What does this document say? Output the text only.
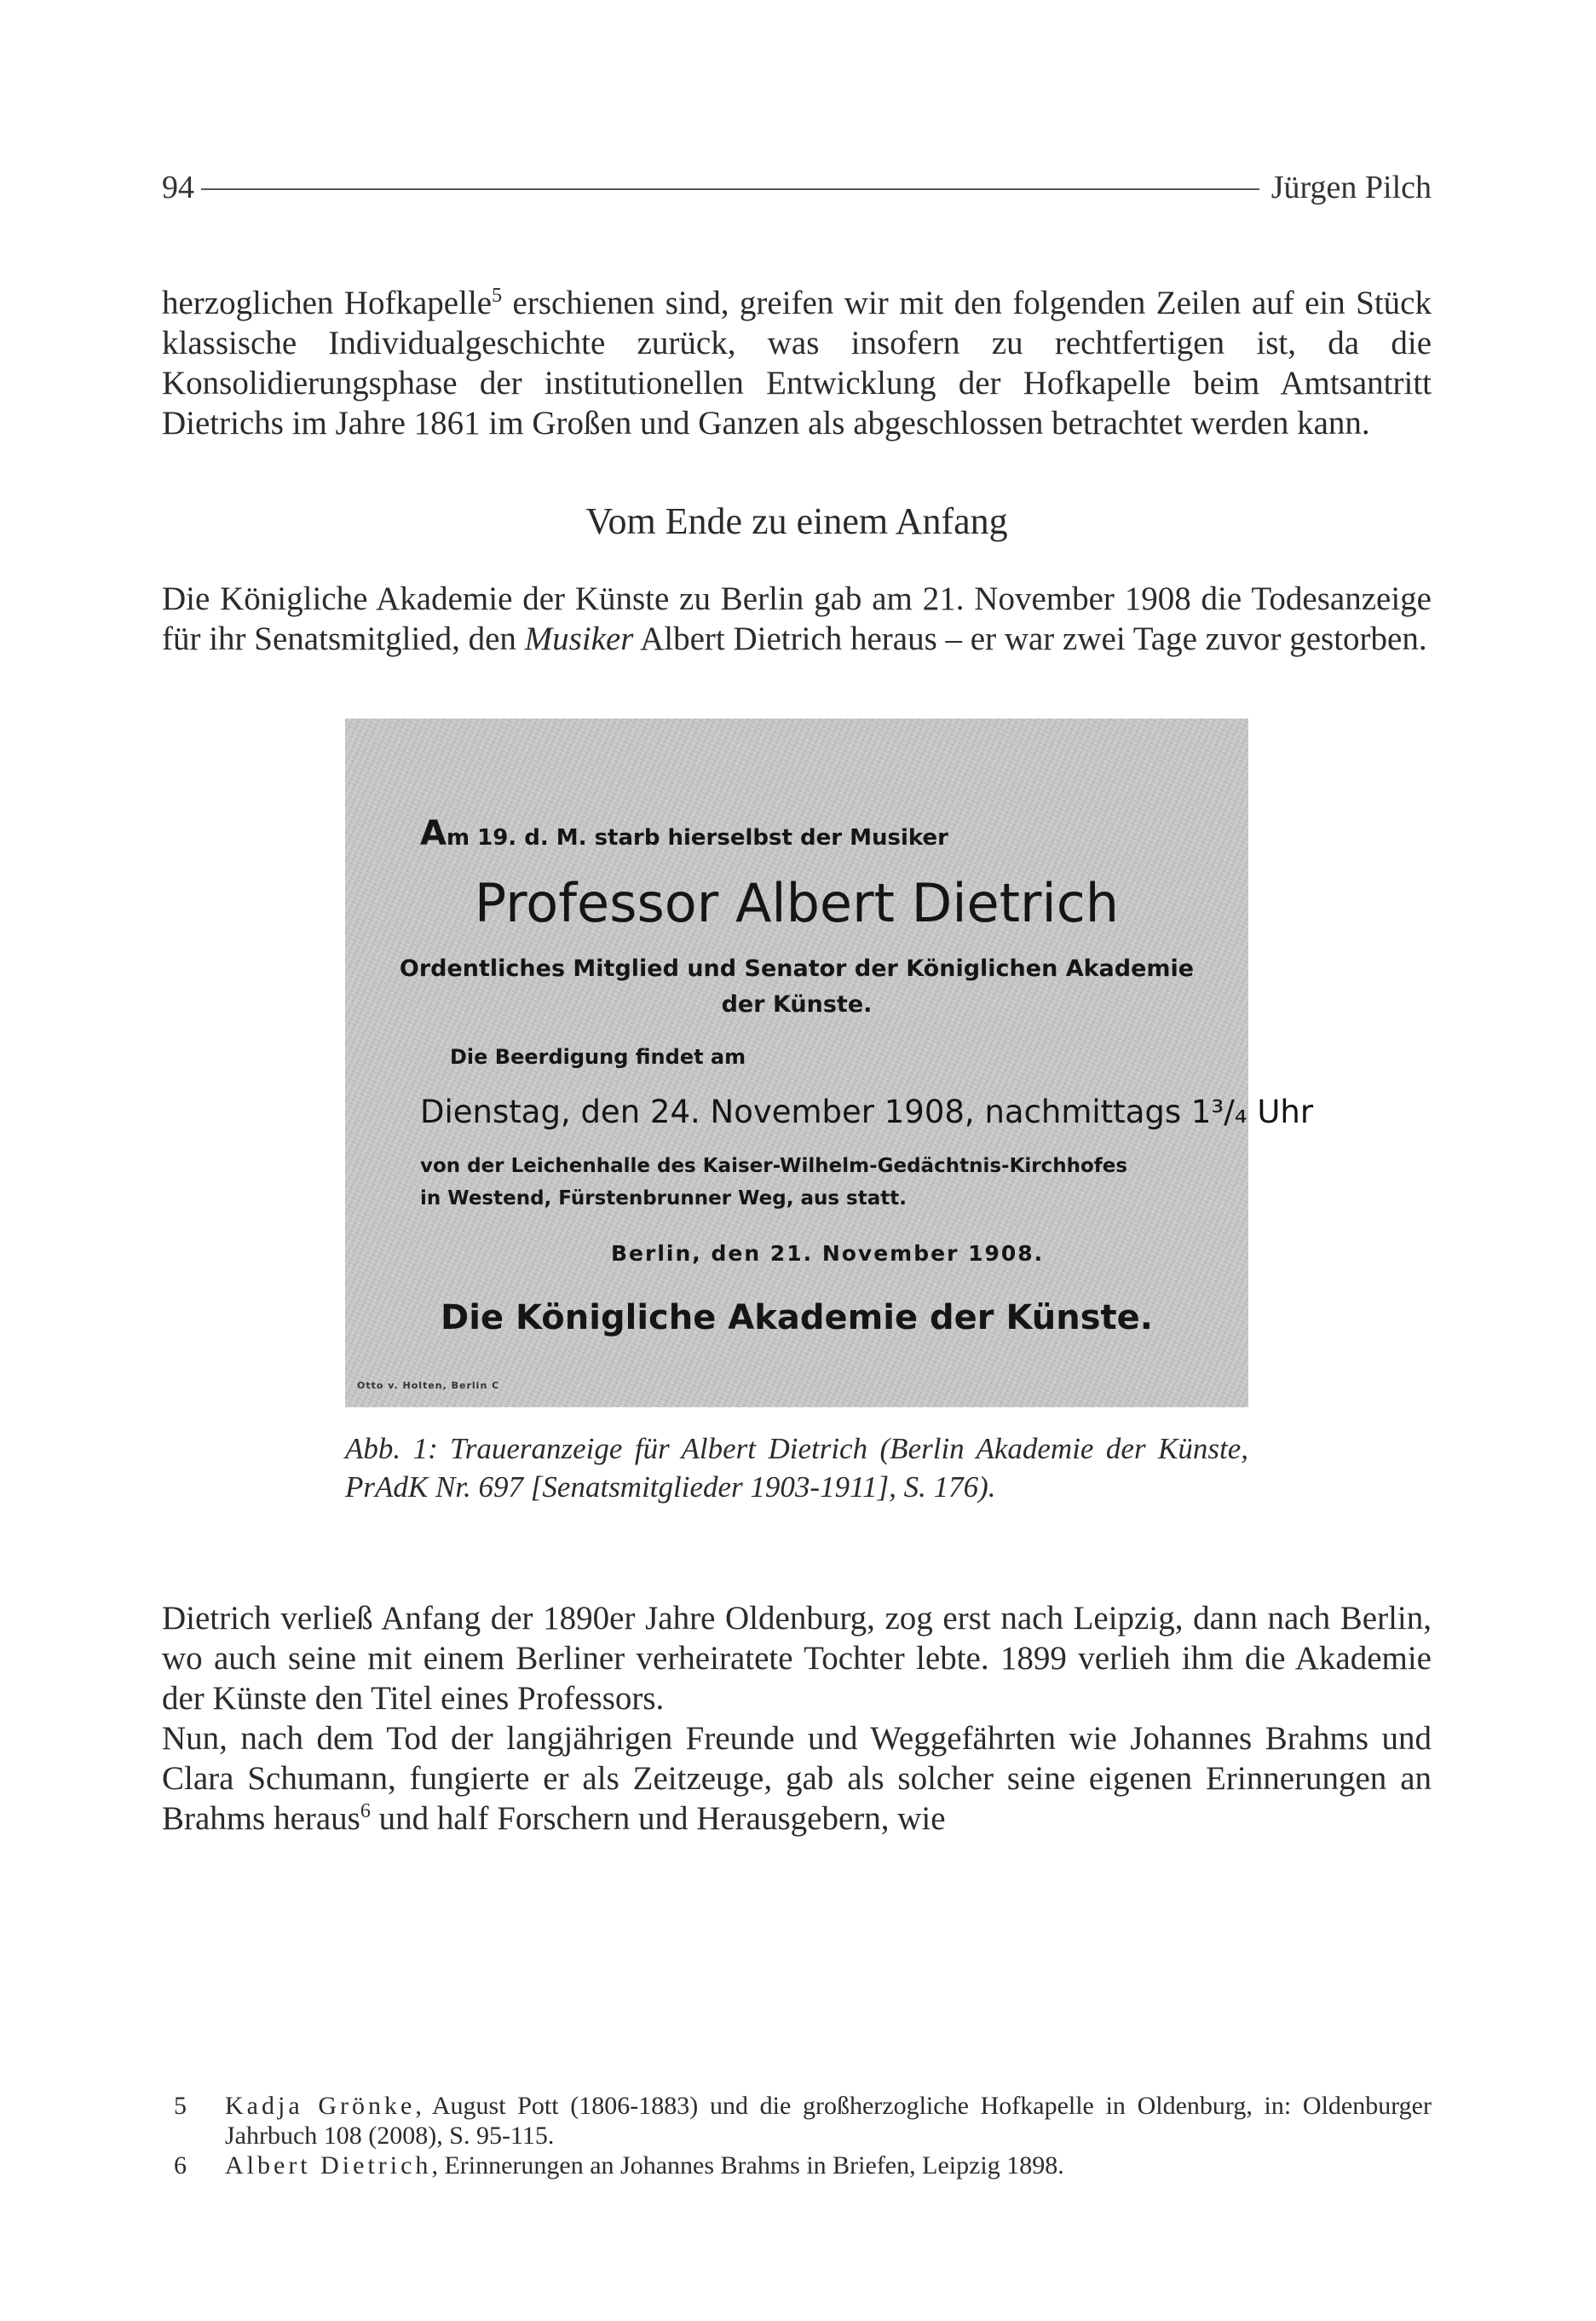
94	Jürgen Pilch

herzoglichen Hofkapelle$^5$ erschienen sind, greifen wir mit den folgenden Zeilen auf ein Stück klassische Individualgeschichte zurück, was insofern zu rechtfertigen ist, da die Konsolidierungsphase der institutionellen Entwicklung der Hofkapelle beim Amtsantritt Dietrichs im Jahre 1861 im Großen und Ganzen als abgeschlossen betrachtet werden kann.

Vom Ende zu einem Anfang

Die Königliche Akademie der Künste zu Berlin gab am 21. November 1908 die Todesanzeige für ihr Senatsmitglied, den Musiker Albert Dietrich heraus – er war zwei Tage zuvor gestorben.

Am 19. d. M. starb hierselbst der Musiker
Professor Albert Dietrich
Ordentliches Mitglied und Senator der Königlichen Akademie
der Künste.
Die Beerdigung findet am
Dienstag, den 24. November 1908, nachmittags 1³/₄ Uhr
von der Leichenhalle des Kaiser-Wilhelm-Gedächtnis-Kirchhofes
in Westend, Fürstenbrunner Weg, aus statt.
Berlin, den 21. November 1908.
Die Königliche Akademie der Künste.
Otto v. Holten, Berlin C

Abb. 1: Traueranzeige für Albert Dietrich (Berlin Akademie der Künste, PrAdK Nr. 697 [Senatsmitglieder 1903-1911], S. 176).

Dietrich verließ Anfang der 1890er Jahre Oldenburg, zog erst nach Leipzig, dann nach Berlin, wo auch seine mit einem Berliner verheiratete Tochter lebte. 1899 verlieh ihm die Akademie der Künste den Titel eines Professors.

Nun, nach dem Tod der langjährigen Freunde und Weggefährten wie Johannes Brahms und Clara Schumann, fungierte er als Zeitzeuge, gab als solcher seine eigenen Erinnerungen an Brahms heraus$^6$ und half Forschern und Herausgebern, wie

5	Kadja Grönke, August Pott (1806-1883) und die großherzogliche Hofkapelle in Oldenburg, in: Oldenburger Jahrbuch 108 (2008), S. 95-115.
6	Albert Dietrich, Erinnerungen an Johannes Brahms in Briefen, Leipzig 1898.
